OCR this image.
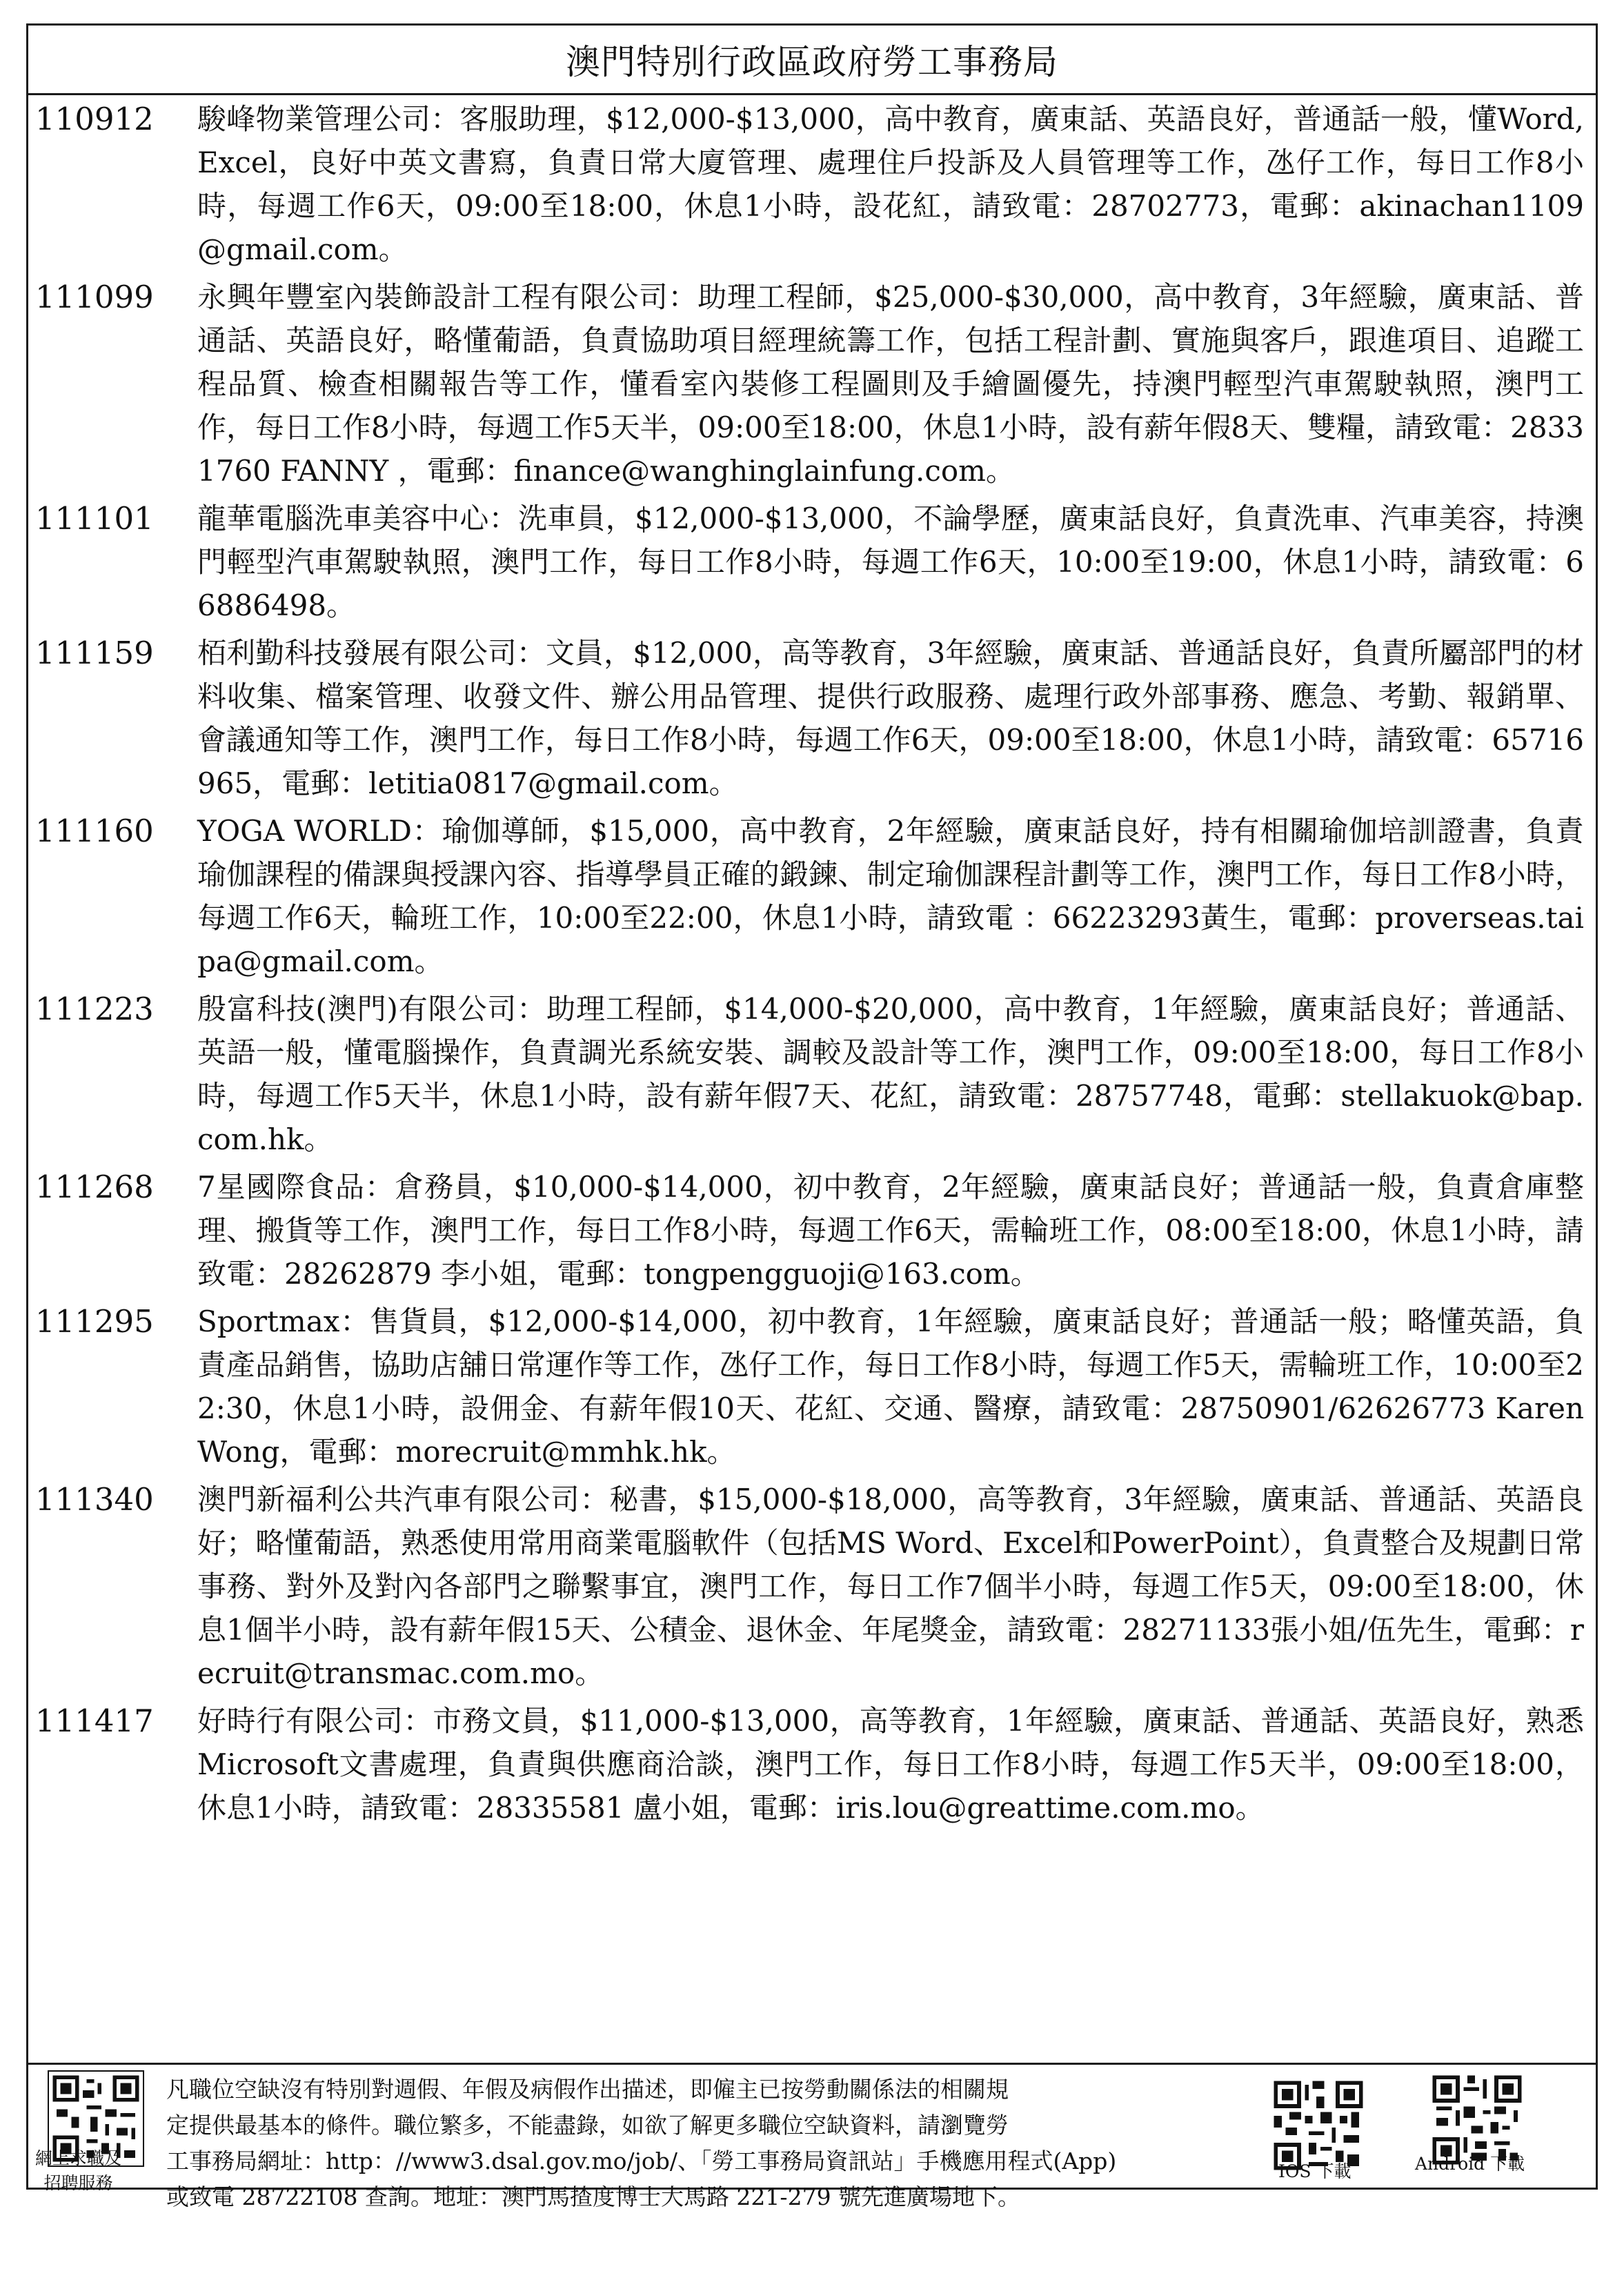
澳門特別行政區政府勞工事務局
110912	駿峰物業管理公司：客服助理，$12,000-$13,000，高中教育，廣東話、英語良好，普通話一般，懂Word, Excel，良好中英文書寫，負責日常大廈管理、處理住戶投訴及人員管理等工作，氹仔工作，每日工作8小時，每週工作6天，09:00至18:00，休息1小時，設花紅，請致電：28702773，電郵：akinachan1109@gmail.com。
111099	永興年豐室內裝飾設計工程有限公司：助理工程師，$25,000-$30,000，高中教育，3年經驗，廣東話、普通話、英語良好，略懂葡語，負責協助項目經理統籌工作，包括工程計劃、實施與客戶，跟進項目、追蹤工程品質、檢查相關報告等工作，懂看室內裝修工程圖則及手繪圖優先，持澳門輕型汽車駕駛執照，澳門工作，每日工作8小時，每週工作5天半，09:00至18:00，休息1小時，設有薪年假8天、雙糧，請致電：28331760 FANNY ，電郵：finance@wanghinglainfung.com。
111101	龍華電腦洗車美容中心：洗車員，$12,000-$13,000，不論學歷，廣東話良好，負責洗車、汽車美容，持澳門輕型汽車駕駛執照，澳門工作，每日工作8小時，每週工作6天，10:00至19:00，休息1小時，請致電：66886498。
111159	栢利勤科技發展有限公司：文員，$12,000，高等教育，3年經驗，廣東話、普通話良好，負責所屬部門的材料收集、檔案管理、收發文件、辦公用品管理、提供行政服務、處理行政外部事務、應急、考勤、報銷單、會議通知等工作，澳門工作，每日工作8小時，每週工作6天，09:00至18:00，休息1小時，請致電：65716965，電郵：letitia0817@gmail.com。
111160	YOGA WORLD：瑜伽導師，$15,000，高中教育，2年經驗，廣東話良好，持有相關瑜伽培訓證書，負責瑜伽課程的備課與授課內容、指導學員正確的鍛鍊、制定瑜伽課程計劃等工作，澳門工作，每日工作8小時，每週工作6天，輪班工作，10:00至22:00，休息1小時，請致電 ：66223293黃生，電郵：proverseas.taipa@gmail.com。
111223	殷富科技(澳門)有限公司：助理工程師，$14,000-$20,000，高中教育，1年經驗，廣東話良好；普通話、英語一般，懂電腦操作，負責調光系統安裝、調較及設計等工作，澳門工作，09:00至18:00，每日工作8小時，每週工作5天半，休息1小時，設有薪年假7天、花紅，請致電：28757748，電郵：stellakuok@bap.com.hk。
111268	7星國際食品：倉務員，$10,000-$14,000，初中教育，2年經驗，廣東話良好；普通話一般，負責倉庫整理、搬貨等工作，澳門工作，每日工作8小時，每週工作6天，需輪班工作，08:00至18:00，休息1小時，請致電：28262879 李小姐，電郵：tongpengguoji@163.com。
111295	Sportmax：售貨員，$12,000-$14,000，初中教育，1年經驗，廣東話良好；普通話一般；略懂英語，負責產品銷售，協助店舖日常運作等工作，氹仔工作，每日工作8小時，每週工作5天，需輪班工作，10:00至22:30，休息1小時，設佣金、有薪年假10天、花紅、交通、醫療，請致電：28750901/62626773 Karen Wong，電郵：morecruit@mmhk.hk。
111340	澳門新福利公共汽車有限公司：秘書，$15,000-$18,000，高等教育，3年經驗，廣東話、普通話、英語良好；略懂葡語，熟悉使用常用商業電腦軟件（包括MS Word、Excel和PowerPoint），負責整合及規劃日常事務、對外及對內各部門之聯繫事宜，澳門工作，每日工作7個半小時，每週工作5天，09:00至18:00，休息1個半小時，設有薪年假15天、公積金、退休金、年尾獎金，請致電：28271133張小姐/伍先生，電郵：recruit@transmac.com.mo。
111417	好時行有限公司：市務文員，$11,000-$13,000，高等教育，1年經驗，廣東話、普通話、英語良好，熟悉Microsoft文書處理，負責與供應商洽談，澳門工作，每日工作8小時，每週工作5天半，09:00至18:00，休息1小時，請致電：28335581 盧小姐，電郵：iris.lou@greattime.com.mo。
網上求職及
招聘服務
凡職位空缺沒有特別對週假、年假及病假作出描述，即僱主已按勞動關係法的相關規
定提供最基本的條件。職位繁多，不能盡錄，如欲了解更多職位空缺資料，請瀏覽勞
工事務局網址：http：//www3.dsal.gov.mo/job/、「勞工事務局資訊站」手機應用程式(App)
或致電 28722108 查詢。地址：澳門馬揸度博士大馬路 221-279 號先進廣場地下。
IOS 下載	Android 下載
